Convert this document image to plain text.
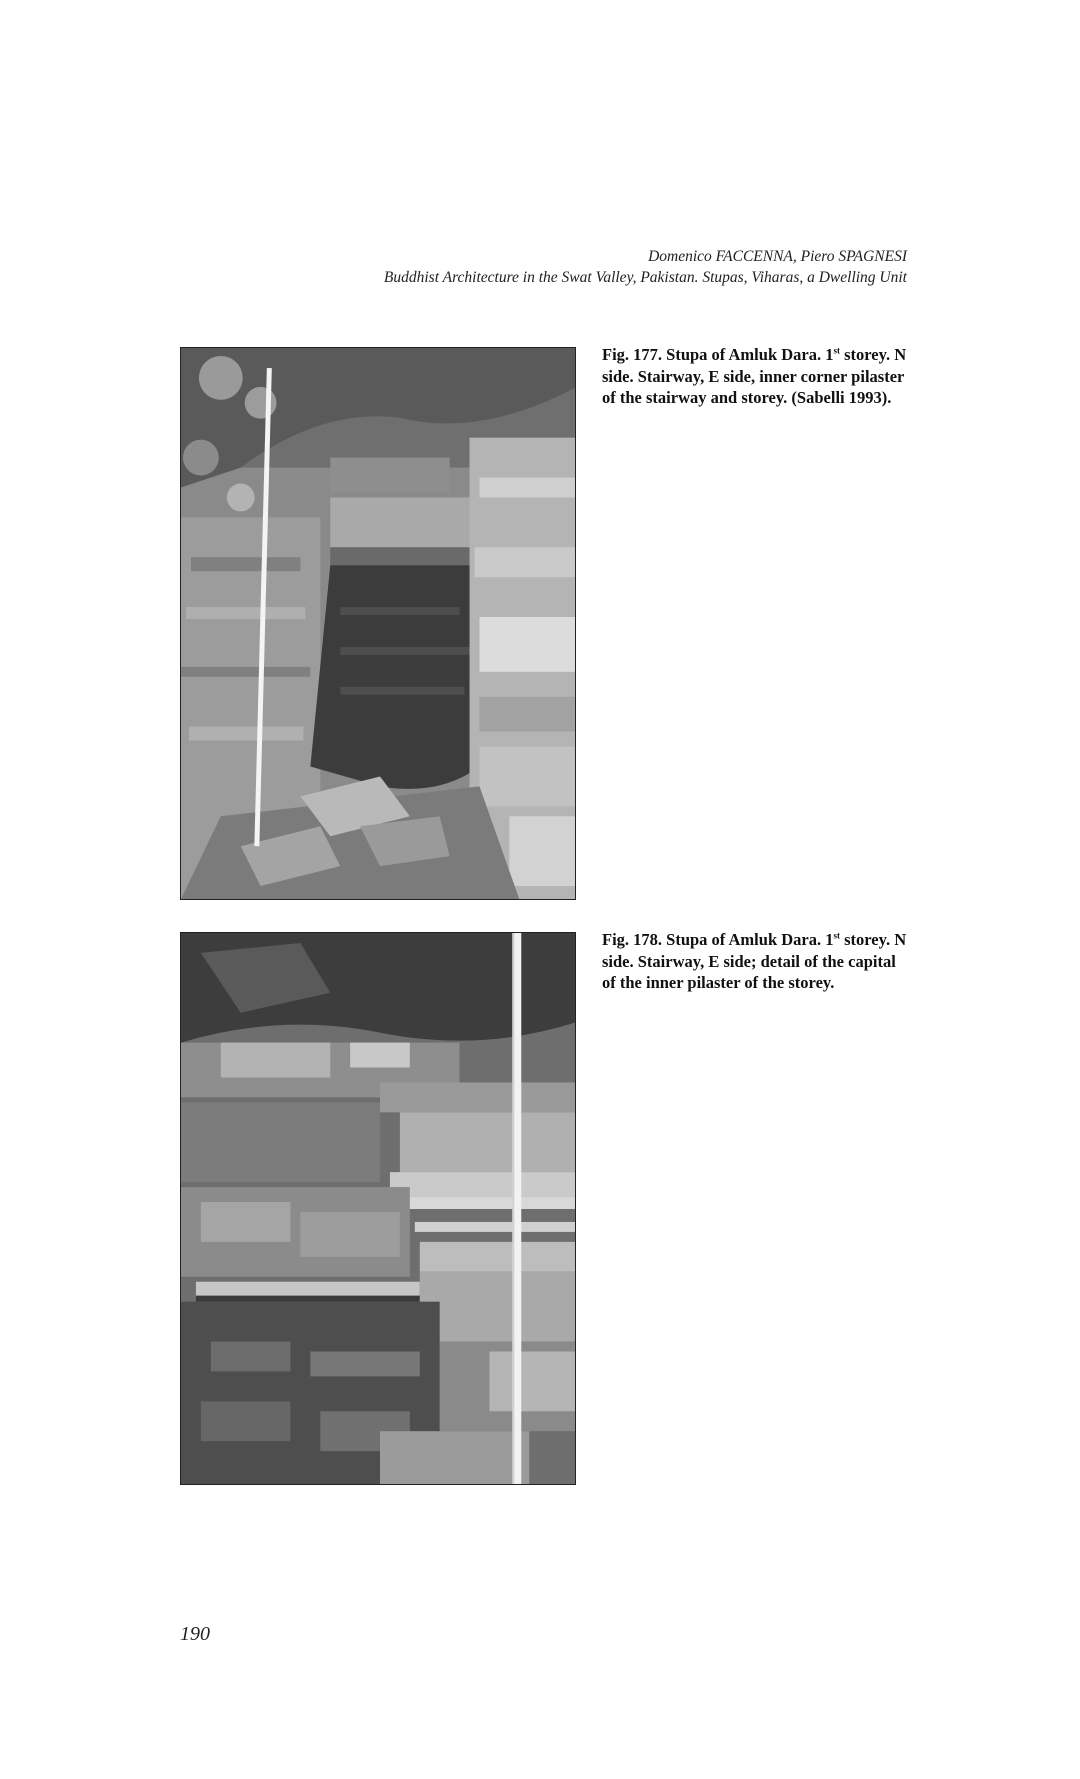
Domenico FACCENNA, Piero SPAGNESI
Buddhist Architecture in the Swat Valley, Pakistan. Stupas, Viharas, a Dwelling Unit
Fig. 177. Stupa of Amluk Dara. 1st storey. N side. Stairway, E side, inner corner pilaster of the stairway and storey. (Sabelli 1993).
Fig. 178. Stupa of Amluk Dara. 1st storey. N side. Stairway, E side; detail of the capital of the inner pilaster of the storey.
190
